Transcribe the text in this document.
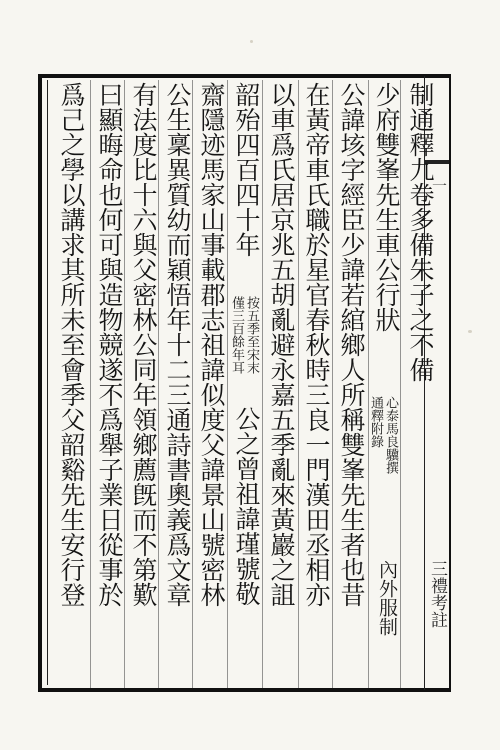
制通釋九卷多備朱子之不備
少府雙峯先生車公行狀
心泰馬良驥撰
通釋附錄
內外服制
公諱垓字經臣少諱若綰鄉人所稱雙峯先生者也昔
在黃帝車氏職於星官春秋時三良一門漢田丞相亦
以車爲氏居京兆五胡亂避永嘉五季亂來黃巖之詛
韶殆四百四十年
按五季至宋末
僅三百餘年耳
公之曾祖諱瑾號敬
齋隱迹馬家山事載郡志祖諱似度父諱景山號密林
公生稟異質幼而穎悟年十二三通詩書奧義爲文章
有法度比十六與父密林公同年領鄉薦旣而不第歎
曰顯晦命也何可與造物競遂不爲舉子業日從事於
爲己之學以講求其所未至會季父韶谿先生安行登	一
三禮考註
